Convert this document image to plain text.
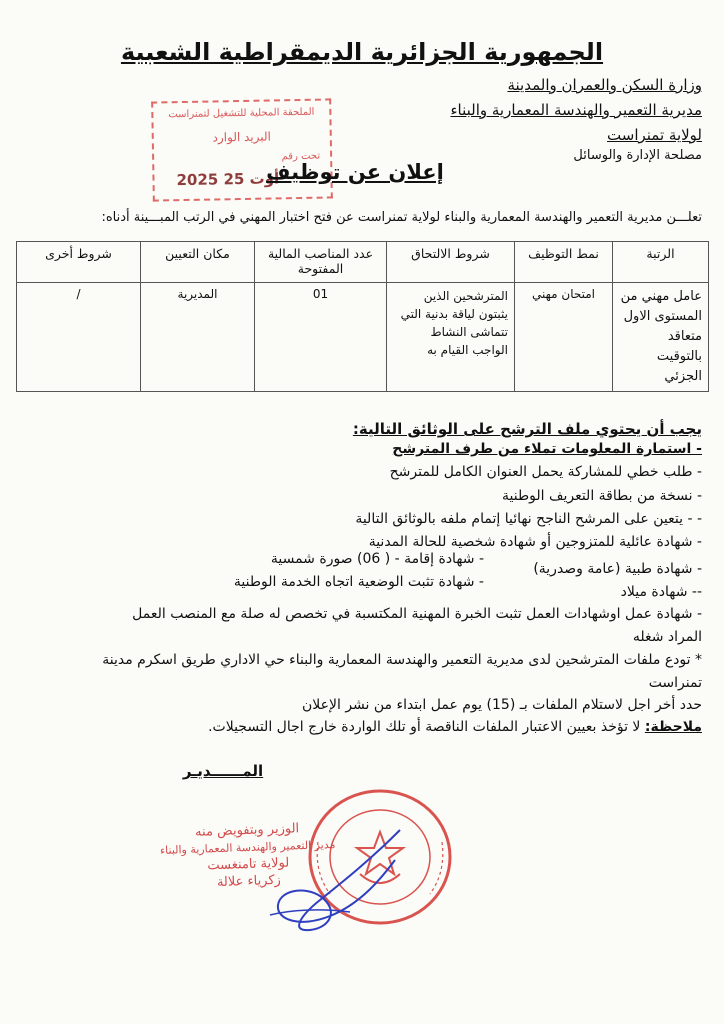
الجمهورية الجزائرية الديمقراطية الشعبية
وزارة السكن والعمران والمدينة
مديرية التعمير والهندسة المعمارية والبناء
لولاية تمنراست
مصلحة الإدارة والوسائل
الملحقة المحلية للتشغيل لتمنراست
البريد الوارد
تحت رقم
2025 أوت 25
إعلان عن توظيف
تعلـــن مديرية التعمير والهندسة المعمارية والبناء لولاية تمنراست عن فتح اختبار المهني في الرتب المبـــينة أدناه:
الرتبة	نمط التوظيف	شروط الالتحاق	عدد المناصب المالية المفتوحة	مكان التعيين	شروط أخرى
عامل مهني من المستوى الاول متعاقد بالتوقيت الجزئي	امتحان مهني	المترشحين الذين يثبتون لياقة بدنية التي تتماشى النشاط الواجب القيام به	01	المديرية	/
يجب أن يحتوي ملف الترشح على الوثائق التالية:
- استمارة المعلومات تملاء من طرف المترشح
- طلب خطي للمشاركة يحمل العنوان الكامل للمترشح
- نسخة من بطاقة التعريف الوطنية
- - يتعين على المرشح الناجح نهائيا إتمام ملفه بالوثائق التالية
- شهادة عائلية للمتزوجين أو شهادة شخصية للحالة المدنية
- شهادة إقامة - ( 06) صورة شمسية
- شهادة طبية (عامة وصدرية)
- شهادة تثبت الوضعية اتجاه الخدمة الوطنية
-- شهادة ميلاد
- شهادة عمل اوشهادات العمل تثبت الخبرة المهنية المكتسبة في تخصص له صلة مع المنصب العمل
المراد شغله
* تودع ملفات المترشحين لدى مديرية التعمير والهندسة المعمارية والبناء حي الاداري طريق اسكرم مدينة
تمنراست
حدد أخر اجل لاستلام الملفات بـ (15) يوم عمل ابتداء من نشر الإعلان
ملاحظة: لا تؤخذ بعيين الاعتبار الملفات الناقصة أو تلك الواردة خارج اجال التسجيلات.
المــــــديـر
الوزير وبتفويض منه
مدير التعمير والهندسة المعمارية والبناء
لولاية تامنغست
زكرياء علالة
